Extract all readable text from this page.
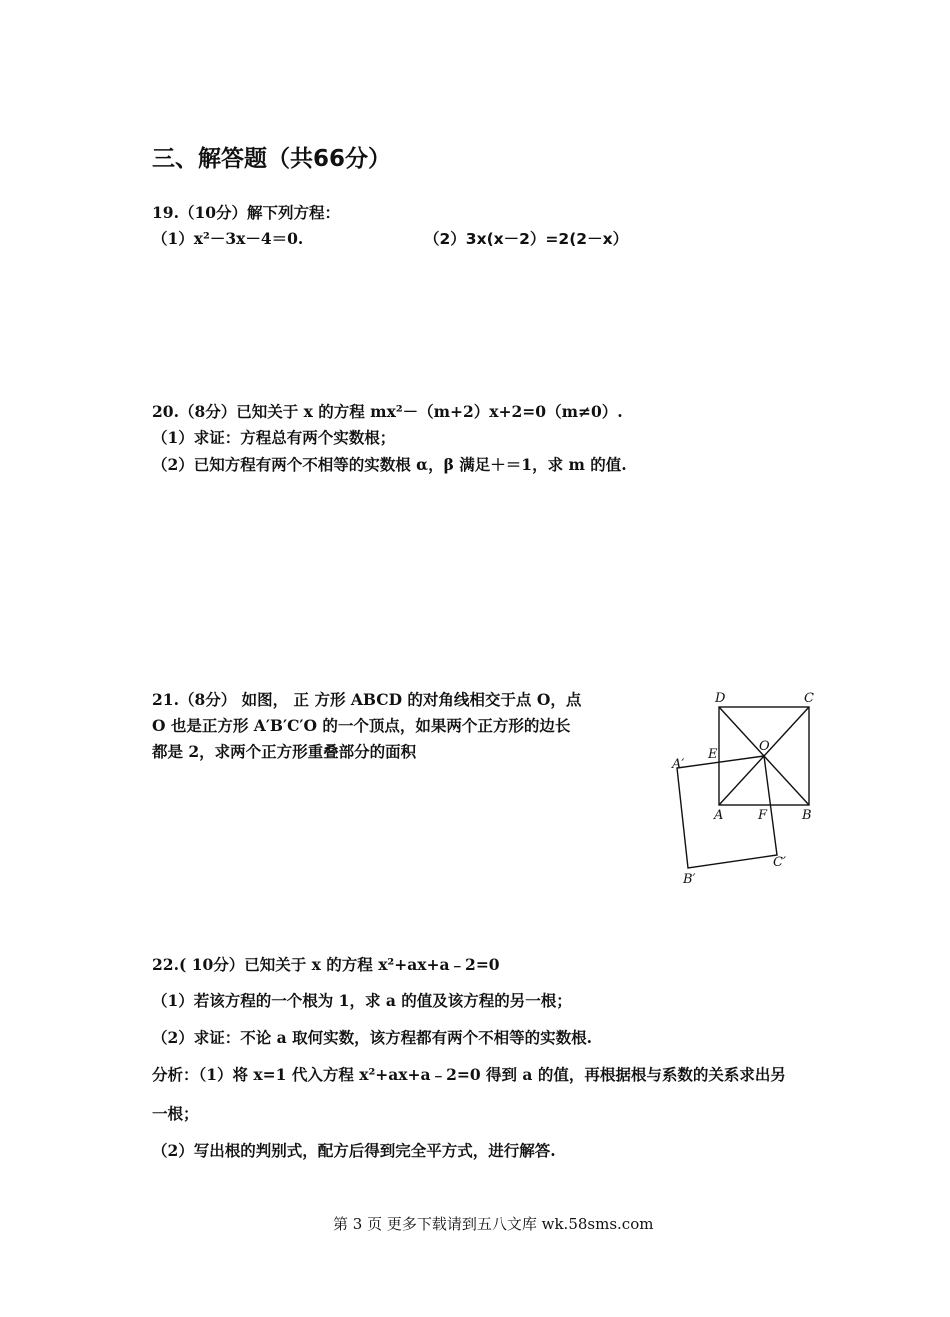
三、解答题（共66分）
19.（10分）解下列方程：
（1）x²－3x－4＝0.	（2）3x(x－2）=2(2－x）
20.（8分）已知关于 x 的方程 mx²－（m+2）x+2=0（m≠0）.
（1）求证：方程总有两个实数根；
（2）已知方程有两个不相等的实数根 α，β 满足＋＝1，求 m 的值.
21.（8分） 如图， 正 方形 ABCD 的对角线相交于点 O，点
O 也是正方形 A′B′C′O 的一个顶点，如果两个正方形的边长
都是 2，求两个正方形重叠部分的面积
D	C
O
E
A′
A	F	B
C′
B′
22.( 10分）已知关于 x 的方程 x²+ax+a﹣2=0
（1）若该方程的一个根为 1，求 a 的值及该方程的另一根；
（2）求证：不论 a 取何实数，该方程都有两个不相等的实数根.
分析：（1）将 x=1 代入方程 x²+ax+a﹣2=0 得到 a 的值，再根据根与系数的关系求出另
一根；
（2）写出根的判别式，配方后得到完全平方式，进行解答.
第 3 页 更多下载请到五八文库 wk.58sms.com
